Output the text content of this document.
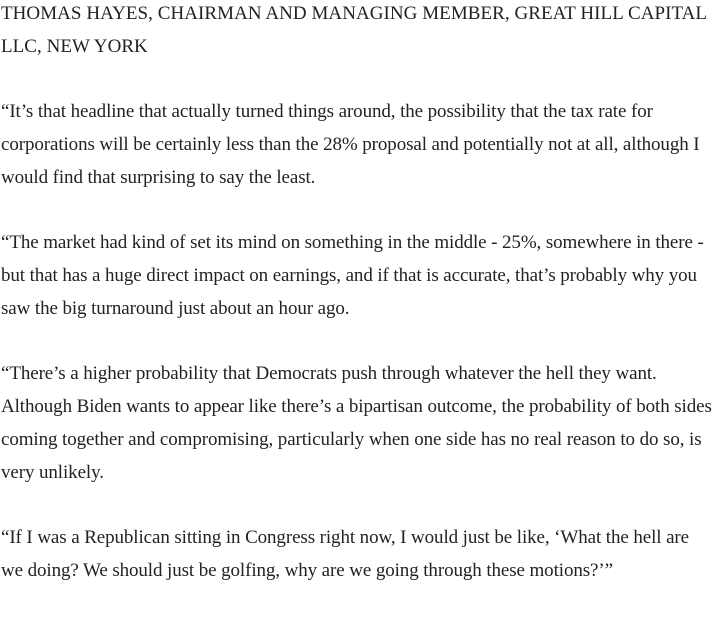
THOMAS HAYES, CHAIRMAN AND MANAGING MEMBER, GREAT HILL CAPITAL LLC, NEW YORK

“It’s that headline that actually turned things around, the possibility that the tax rate for corporations will be certainly less than the 28% proposal and potentially not at all, although I would find that surprising to say the least.

“The market had kind of set its mind on something in the middle - 25%, somewhere in there - but that has a huge direct impact on earnings, and if that is accurate, that’s probably why you saw the big turnaround just about an hour ago.

“There’s a higher probability that Democrats push through whatever the hell they want. Although Biden wants to appear like there’s a bipartisan outcome, the probability of both sides coming together and compromising, particularly when one side has no real reason to do so, is very unlikely.

“If I was a Republican sitting in Congress right now, I would just be like, ‘What the hell are we doing? We should just be golfing, why are we going through these motions?’”
